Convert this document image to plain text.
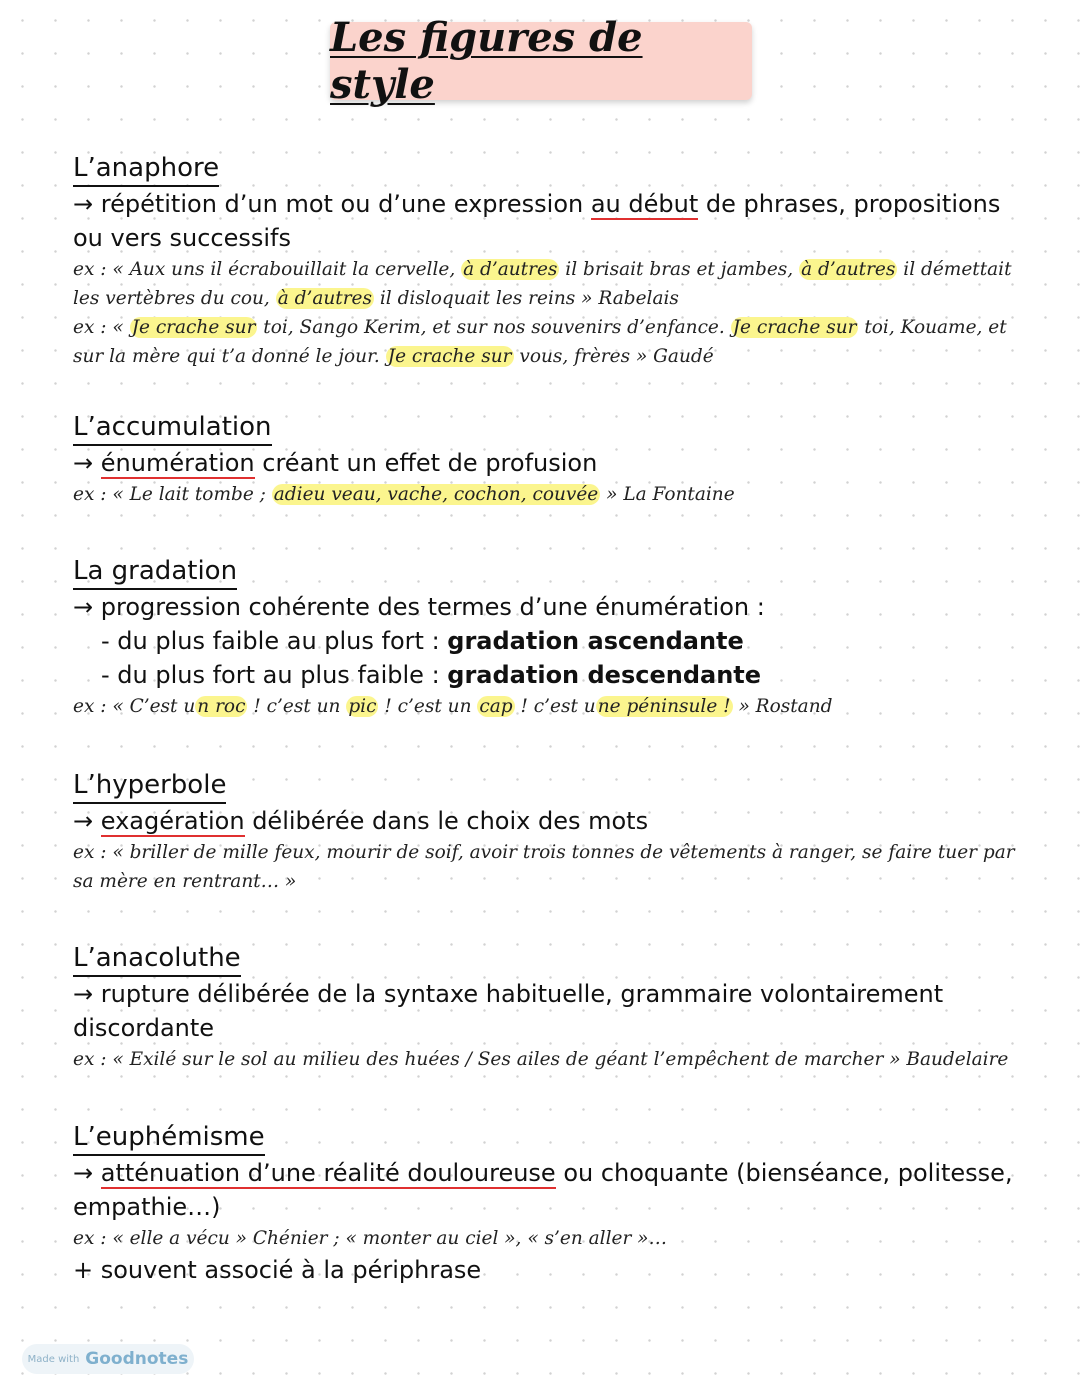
Les figures de style

L’anaphore

→ répétition d’un mot ou d’une expression au début de phrases, propositions ou vers successifs

ex : « Aux uns il écrabouillait la cervelle, à d’autres il brisait bras et jambes, à d’autres il démettait les vertèbres du cou, à d’autres il disloquait les reins » Rabelais

ex : « Je crache sur toi, Sango Kerim, et sur nos souvenirs d’enfance. Je crache sur toi, Kouame, et sur la mère qui t’a donné le jour. Je crache sur vous, frères » Gaudé

L’accumulation

→ énumération créant un effet de profusion

ex : « Le lait tombe ; adieu veau, vache, cochon, couvée » La Fontaine

La gradation

→ progression cohérente des termes d’une énumération :

- du plus faible au plus fort : gradation ascendante

- du plus fort au plus faible : gradation descendante

ex : « C’est u n roc ! c’est un pic ! c’est un cap ! c’est u ne péninsule ! » Rostand

L’hyperbole

→ exagération délibérée dans le choix des mots

ex : « briller de mille feux, mourir de soif, avoir trois tonnes de vêtements à ranger, se faire tuer par sa mère en rentrant… »

L’anacoluthe

→ rupture délibérée de la syntaxe habituelle, grammaire volontairement discordante

ex : « Exilé sur le sol au milieu des huées / Ses ailes de géant l’empêchent de marcher » Baudelaire

L’euphémisme

→ atténuation d’une réalité douloureuse ou choquante (bienséance, politesse, empathie…)

ex : « elle a vécu » Chénier ; « monter au ciel », « s’en aller »…

+ souvent associé à la périphrase

Made with Goodnotes
